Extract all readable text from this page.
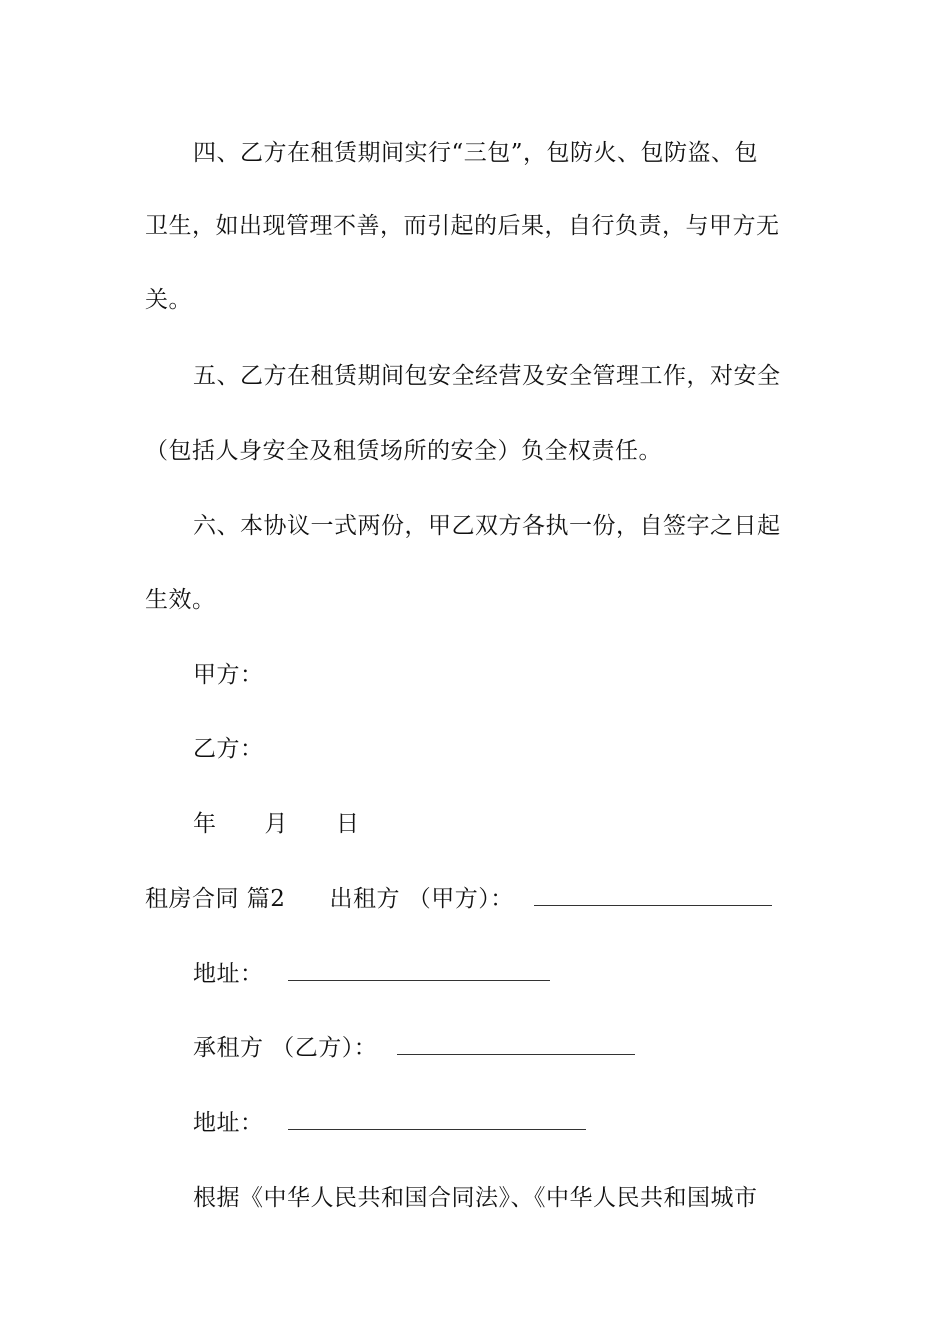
四、乙方在租赁期间实行“三包”，包防火、包防盗、包
卫生，如出现管理不善，而引起的后果，自行负责，与甲方无
关。
五、乙方在租赁期间包安全经营及安全管理工作，对安全
（包括人身安全及租赁场所的安全）负全权责任。
六、本协议一式两份，甲乙双方各执一份，自签字之日起
生效。
甲方：
乙方：
年 月 日
租房合同 篇2 出租方 （甲方）：
地址：
承租方 （乙方）：
地址：
根据《中华人民共和国合同法》、《中华人民共和国城市
